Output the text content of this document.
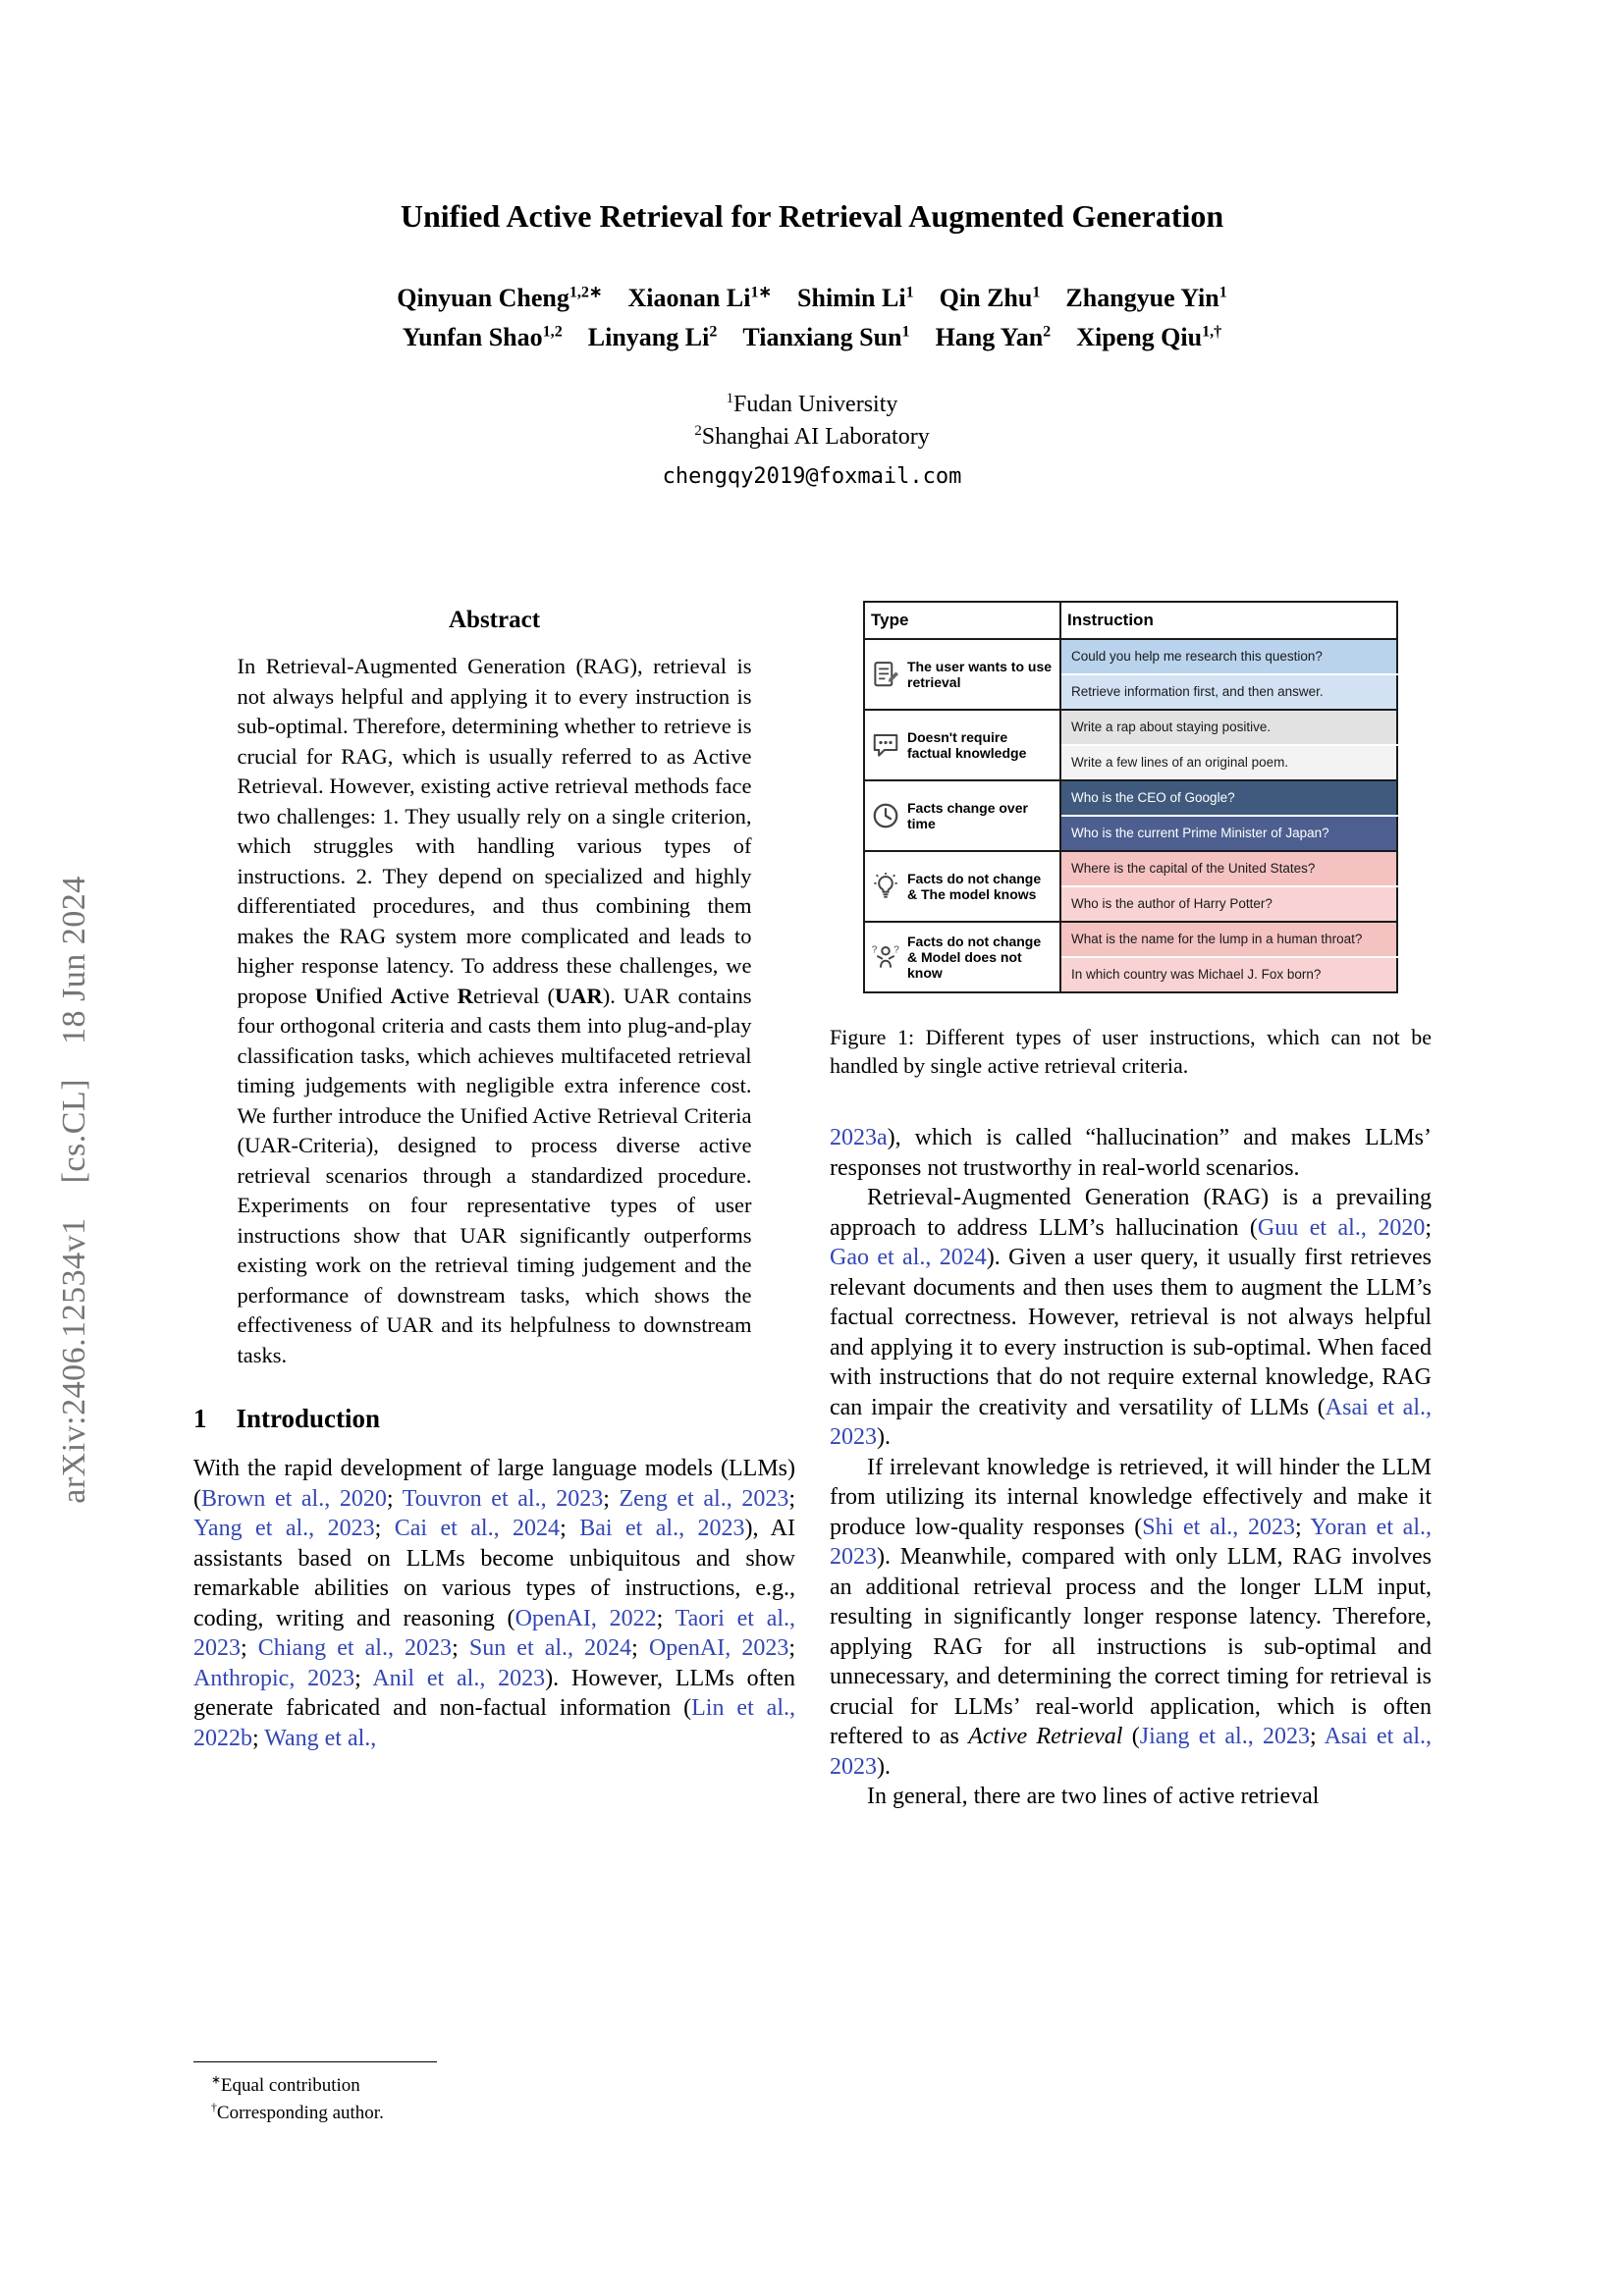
arXiv:2406.12534v1  [cs.CL]  18 Jun 2024
Unified Active Retrieval for Retrieval Augmented Generation
Qinyuan Cheng$^{1,2∗}$  Xiaonan $Li^{1∗}$  Shimin Li$^1$  Qin Zhu$^1$  Zhangyue Yin$^1$
Yunfan Shao$^{1,2}$  Linyang Li$^2$  Tianxiang Sun$^1$  Hang Yan$^2$  Xipeng Qiu$^{1,\dagger}$
$^1$Fudan University
$^2$Shanghai AI Laboratory
chengqy2019@foxmail.com
Abstract
In Retrieval-Augmented Generation (RAG), retrieval is not always helpful and applying it to every instruction is sub-optimal. Therefore, determining whether to retrieve is crucial for RAG, which is usually referred to as Active Retrieval. However, existing active retrieval methods face two challenges: 1. They usually rely on a single criterion, which struggles with handling various types of instructions. 2. They depend on specialized and highly differentiated procedures, and thus combining them makes the RAG system more complicated and leads to higher response latency. To address these challenges, we propose Unified Active Retrieval (UAR). UAR contains four orthogonal criteria and casts them into plug-and-play classification tasks, which achieves multifaceted retrieval timing judgements with negligible extra inference cost. We further introduce the Unified Active Retrieval Criteria (UAR-Criteria), designed to process diverse active retrieval scenarios through a standardized procedure. Experiments on four representative types of user instructions show that UAR significantly outperforms existing work on the retrieval timing judgement and the performance of downstream tasks, which shows the effectiveness of UAR and its helpfulness to downstream tasks.
1 Introduction

With the rapid development of large language models (LLMs) (Brown et al., 2020; Touvron et al., 2023; Zeng et al., 2023; Yang et al., 2023; Cai et al., 2024; Bai et al., 2023), AI assistants based on LLMs become unbiquitous and show remarkable abilities on various types of instructions, e.g., coding, writing and reasoning (OpenAI, 2022; Taori et al., 2023; Chiang et al., 2023; Sun et al., 2024; OpenAI, 2023; Anthropic, 2023; Anil et al., 2023). However, LLMs often generate fabricated and non-factual information (Lin et al., 2022b; Wang et al.,

Type	Instruction

The user wants to use retrieval	Could you help me research this question?
	Retrieve information first, and then answer.

Doesn't require factual knowledge	Write a rap about staying positive.
	Write a few lines of an original poem.

Facts change over time	Who is the CEO of Google?
	Who is the current Prime Minister of Japan?

Facts do not change & The model knows	Where is the capital of the United States?
	Who is the author of Harry Potter?

? ?
Facts do not change & Model does not know	What is the name for the lump in a human throat?
	In which country was Michael J. Fox born?
Figure 1: Different types of user instructions, which can not be handled by single active retrieval criteria.

2023a), which is called “hallucination” and makes LLMs’ responses not trustworthy in real-world scenarios.

Retrieval-Augmented Generation (RAG) is a prevailing approach to address LLM’s hallucination (Guu et al., 2020; Gao et al., 2024). Given a user query, it usually first retrieves relevant documents and then uses them to augment the LLM’s factual correctness. However, retrieval is not always helpful and applying it to every instruction is sub-optimal. When faced with instructions that do not require external knowledge, RAG can impair the creativity and versatility of LLMs (Asai et al., 2023).

If irrelevant knowledge is retrieved, it will hinder the LLM from utilizing its internal knowledge effectively and make it produce low-quality responses (Shi et al., 2023; Yoran et al., 2023). Meanwhile, compared with only LLM, RAG involves an additional retrieval process and the longer LLM input, resulting in significantly longer response latency. Therefore, applying RAG for all instructions is sub-optimal and unnecessary, and determining the correct timing for retrieval is crucial for LLMs’ real-world application, which is often reftered to as Active Retrieval (Jiang et al., 2023; Asai et al., 2023).

In general, there are two lines of active retrieval

∗Equal contribution
†Corresponding author.
